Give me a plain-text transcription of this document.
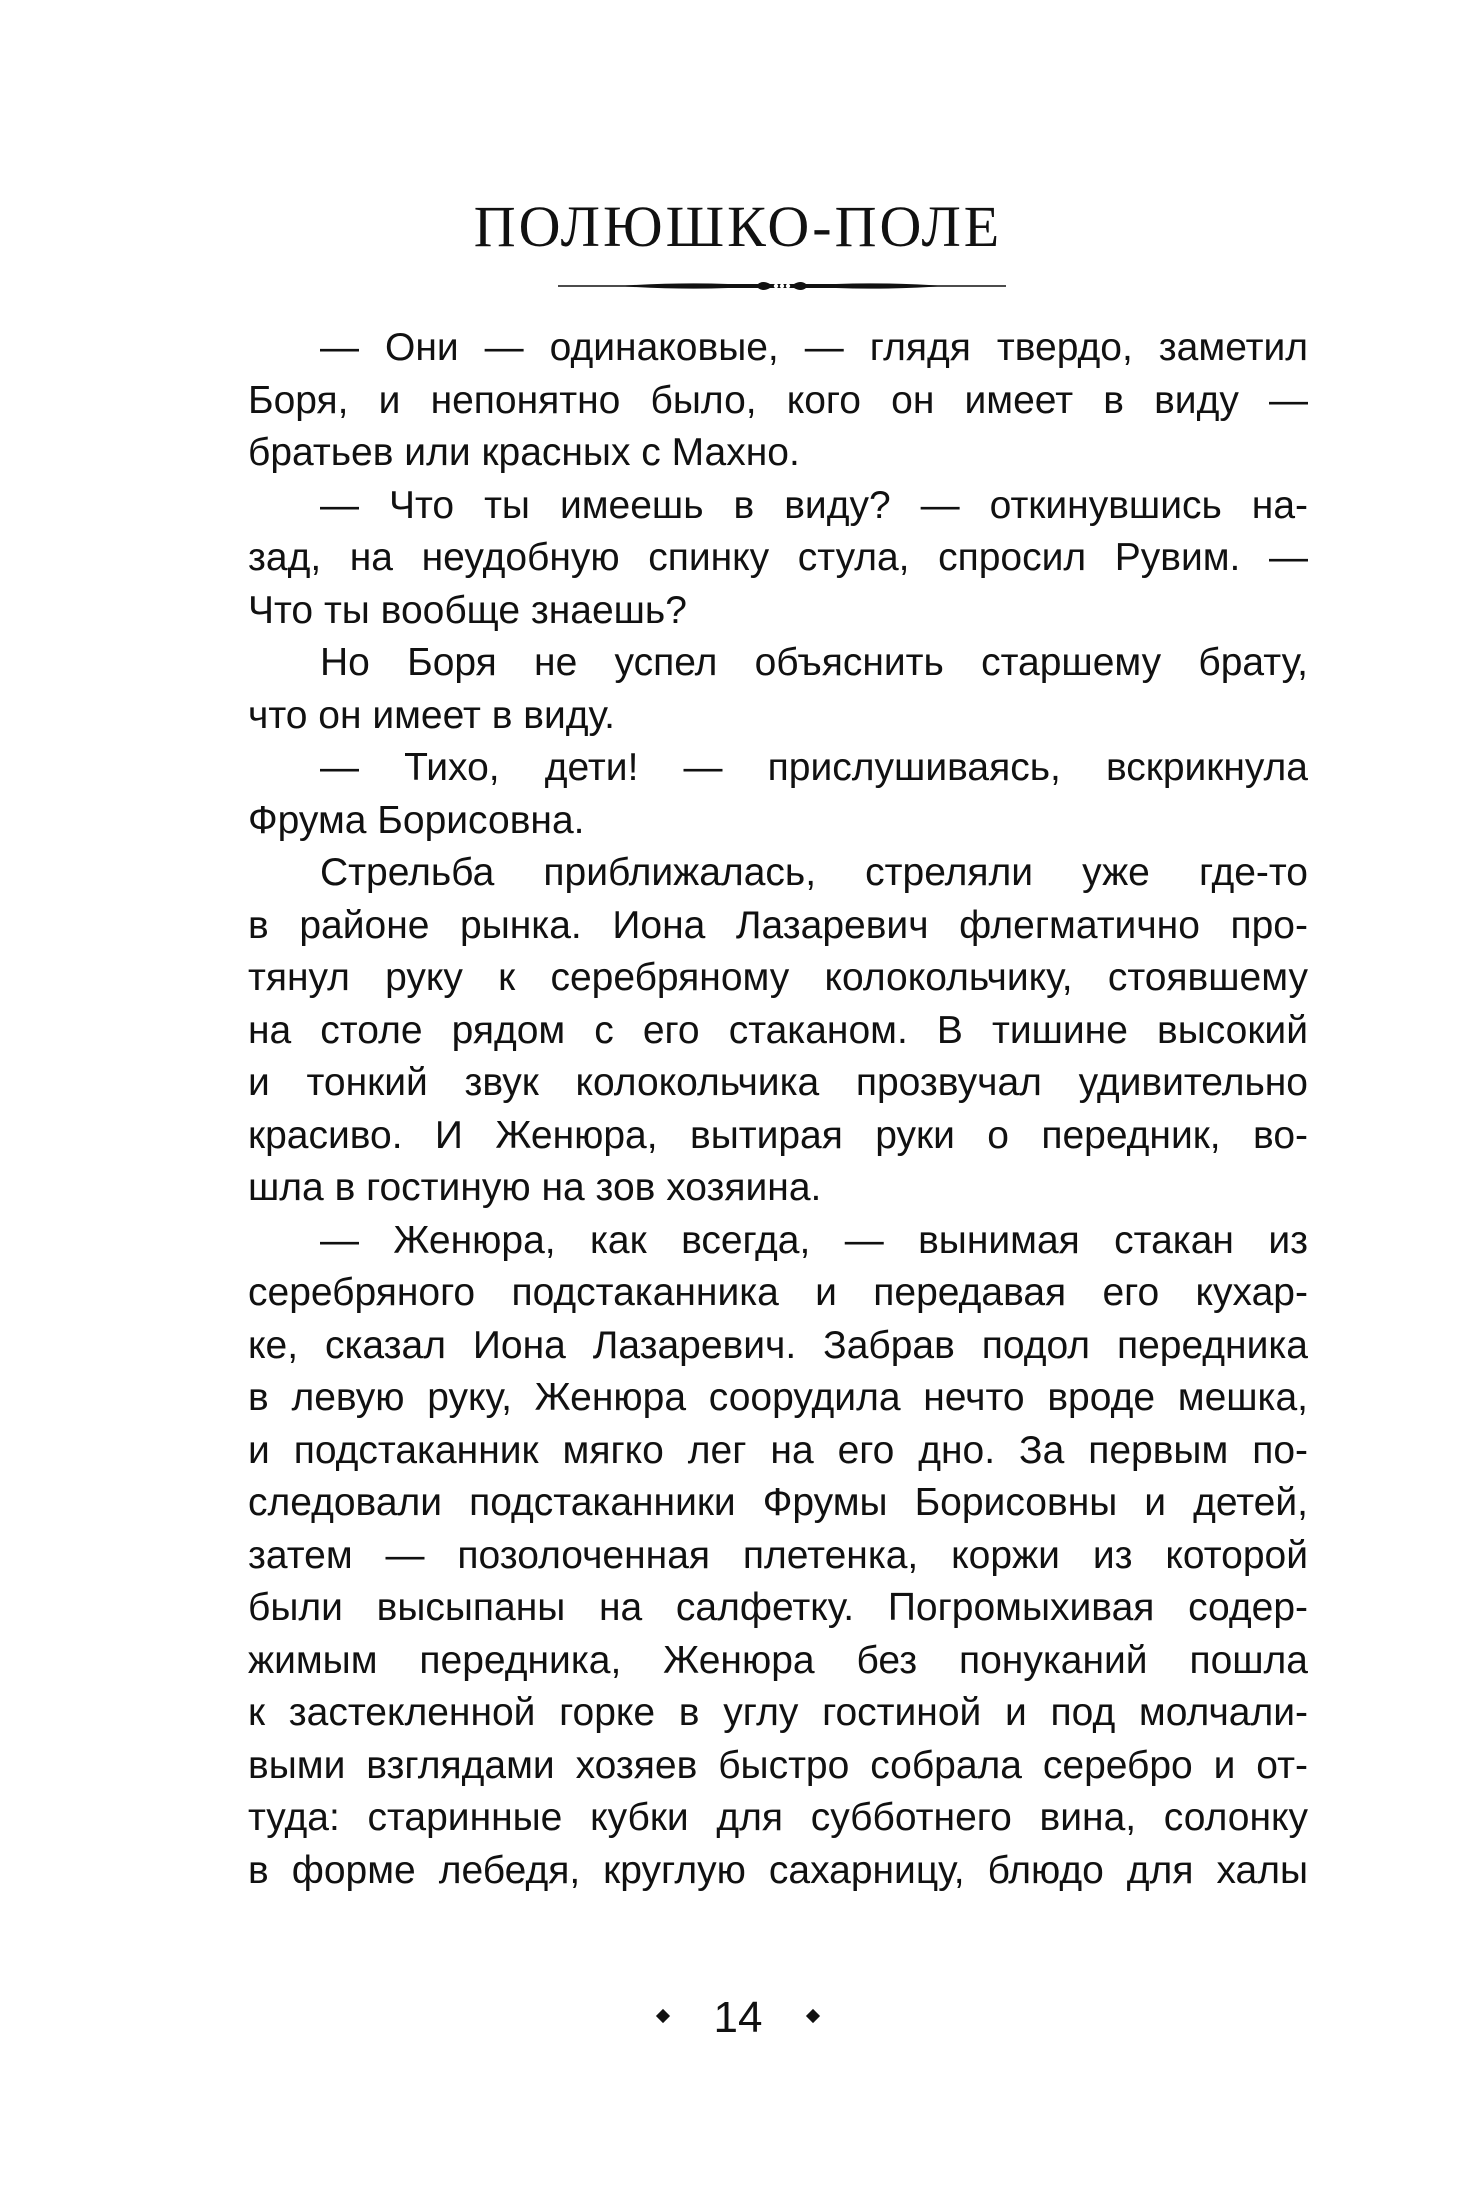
ПОЛЮШКО-ПОЛЕ

— Они — одинаковые, — глядя твердо, заметил
Боря, и непонятно было, кого он имеет в виду —
братьев или красных с Махно.

— Что ты имеешь в виду? — откинувшись на-
зад, на неудобную спинку стула, спросил Рувим. —
Что ты вообще знаешь?

Но Боря не успел объяснить старшему брату,
что он имеет в виду.

— Тихо, дети! — прислушиваясь, вскрикнула
Фрума Борисовна.

Стрельба приближалась, стреляли уже где-то
в районе рынка. Иона Лазаревич флегматично про-
тянул руку к серебряному колокольчику, стоявшему
на столе рядом с его стаканом. В тишине высокий
и тонкий звук колокольчика прозвучал удивительно
красиво. И Женюра, вытирая руки о передник, во-
шла в гостиную на зов хозяина.

— Женюра, как всегда, — вынимая стакан из
серебряного подстаканника и передавая его кухар-
ке, сказал Иона Лазаревич. Забрав подол передника
в левую руку, Женюра соорудила нечто вроде мешка,
и подстаканник мягко лег на его дно. За первым по-
следовали подстаканники Фрумы Борисовны и детей,
затем — позолоченная плетенка, коржи из которой
были высыпаны на салфетку. Погромыхивая содер-
жимым передника, Женюра без понуканий пошла
к застекленной горке в углу гостиной и под молчали-
выми взглядами хозяев быстро собрала серебро и от-
туда: старинные кубки для субботнего вина, солонку
в форме лебедя, круглую сахарницу, блюдо для халы

14
